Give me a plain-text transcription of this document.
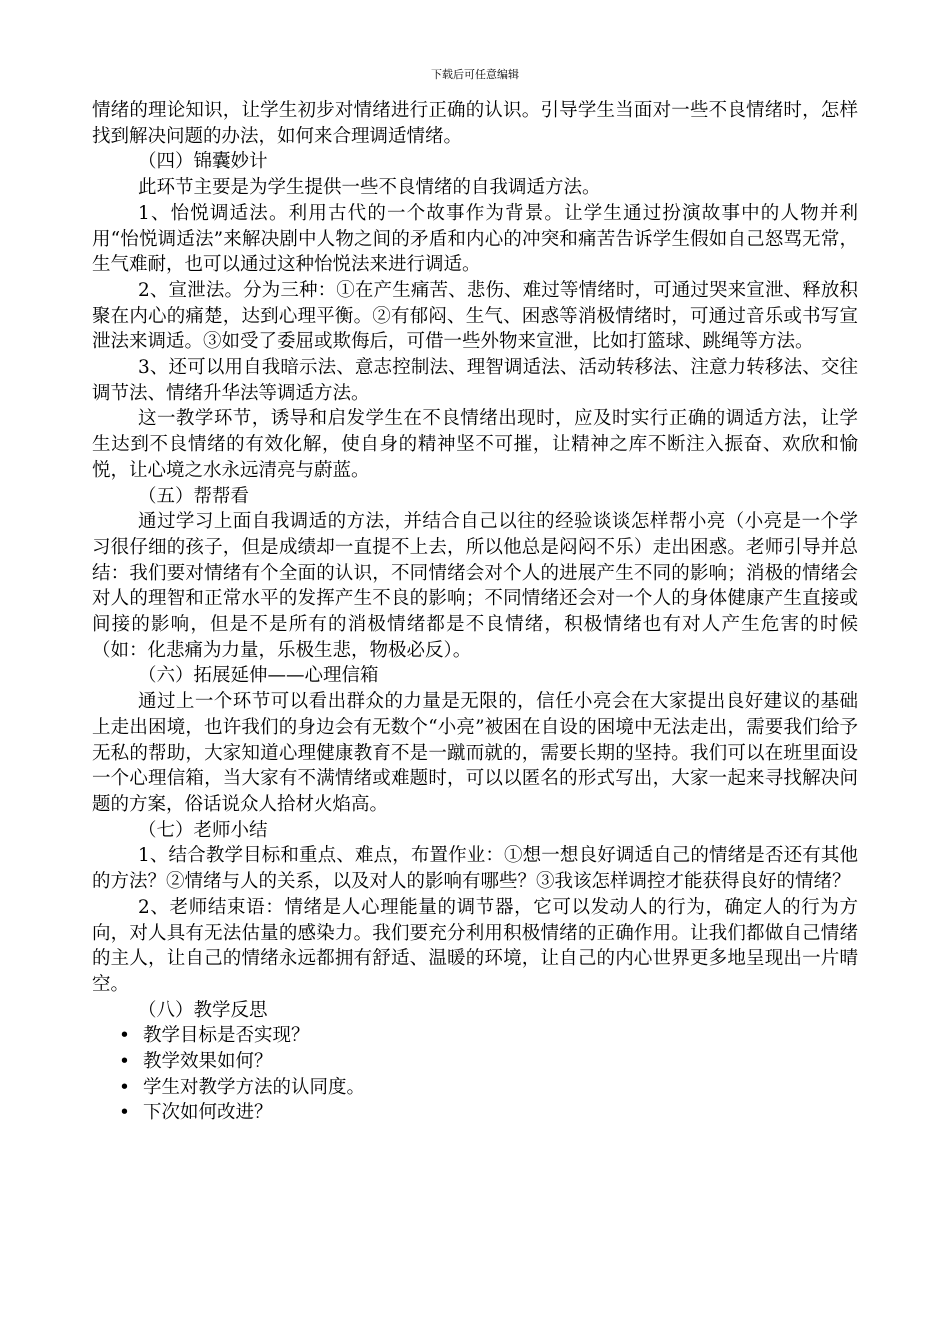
下载后可任意编辑

情绪的理论知识，让学生初步对情绪进行正确的认识。引导学生当面对一些不良情绪时，怎样找到解决问题的办法，如何来合理调适情绪。

（四）锦囊妙计

此环节主要是为学生提供一些不良情绪的自我调适方法。

1、怡悦调适法。利用古代的一个故事作为背景。让学生通过扮演故事中的人物并利用“怡悦调适法”来解决剧中人物之间的矛盾和内心的冲突和痛苦告诉学生假如自己怒骂无常，生气难耐，也可以通过这种怡悦法来进行调适。

2、宣泄法。分为三种：①在产生痛苦、悲伤、难过等情绪时，可通过哭来宣泄、释放积聚在内心的痛楚，达到心理平衡。②有郁闷、生气、困惑等消极情绪时，可通过音乐或书写宣泄法来调适。③如受了委屈或欺侮后，可借一些外物来宣泄，比如打篮球、跳绳等方法。

3、还可以用自我暗示法、意志控制法、理智调适法、活动转移法、注意力转移法、交往调节法、情绪升华法等调适方法。

这一教学环节，诱导和启发学生在不良情绪出现时，应及时实行正确的调适方法，让学生达到不良情绪的有效化解，使自身的精神坚不可摧，让精神之库不断注入振奋、欢欣和愉悦，让心境之水永远清亮与蔚蓝。

（五）帮帮看

通过学习上面自我调适的方法，并结合自己以往的经验谈谈怎样帮小亮（小亮是一个学习很仔细的孩子，但是成绩却一直提不上去，所以他总是闷闷不乐）走出困惑。老师引导并总结：我们要对情绪有个全面的认识，不同情绪会对个人的进展产生不同的影响；消极的情绪会对人的理智和正常水平的发挥产生不良的影响；不同情绪还会对一个人的身体健康产生直接或间接的影响，但是不是所有的消极情绪都是不良情绪，积极情绪也有对人产生危害的时候（如：化悲痛为力量，乐极生悲，物极必反）。

（六）拓展延伸——心理信箱

通过上一个环节可以看出群众的力量是无限的，信任小亮会在大家提出良好建议的基础上走出困境，也许我们的身边会有无数个“小亮”被困在自设的困境中无法走出，需要我们给予无私的帮助，大家知道心理健康教育不是一蹴而就的，需要长期的坚持。我们可以在班里面设一个心理信箱，当大家有不满情绪或难题时，可以以匿名的形式写出，大家一起来寻找解决问题的方案，俗话说众人拾材火焰高。

（七）老师小结

1、结合教学目标和重点、难点，布置作业：①想一想良好调适自己的情绪是否还有其他的方法？②情绪与人的关系，以及对人的影响有哪些？③我该怎样调控才能获得良好的情绪？

2、老师结束语：情绪是人心理能量的调节器，它可以发动人的行为，确定人的行为方向，对人具有无法估量的感染力。我们要充分利用积极情绪的正确作用。让我们都做自己情绪的主人，让自己的情绪永远都拥有舒适、温暖的环境，让自己的内心世界更多地呈现出一片晴空。

（八）教学反思

• 教学目标是否实现？
• 教学效果如何？
• 学生对教学方法的认同度。
• 下次如何改进？
